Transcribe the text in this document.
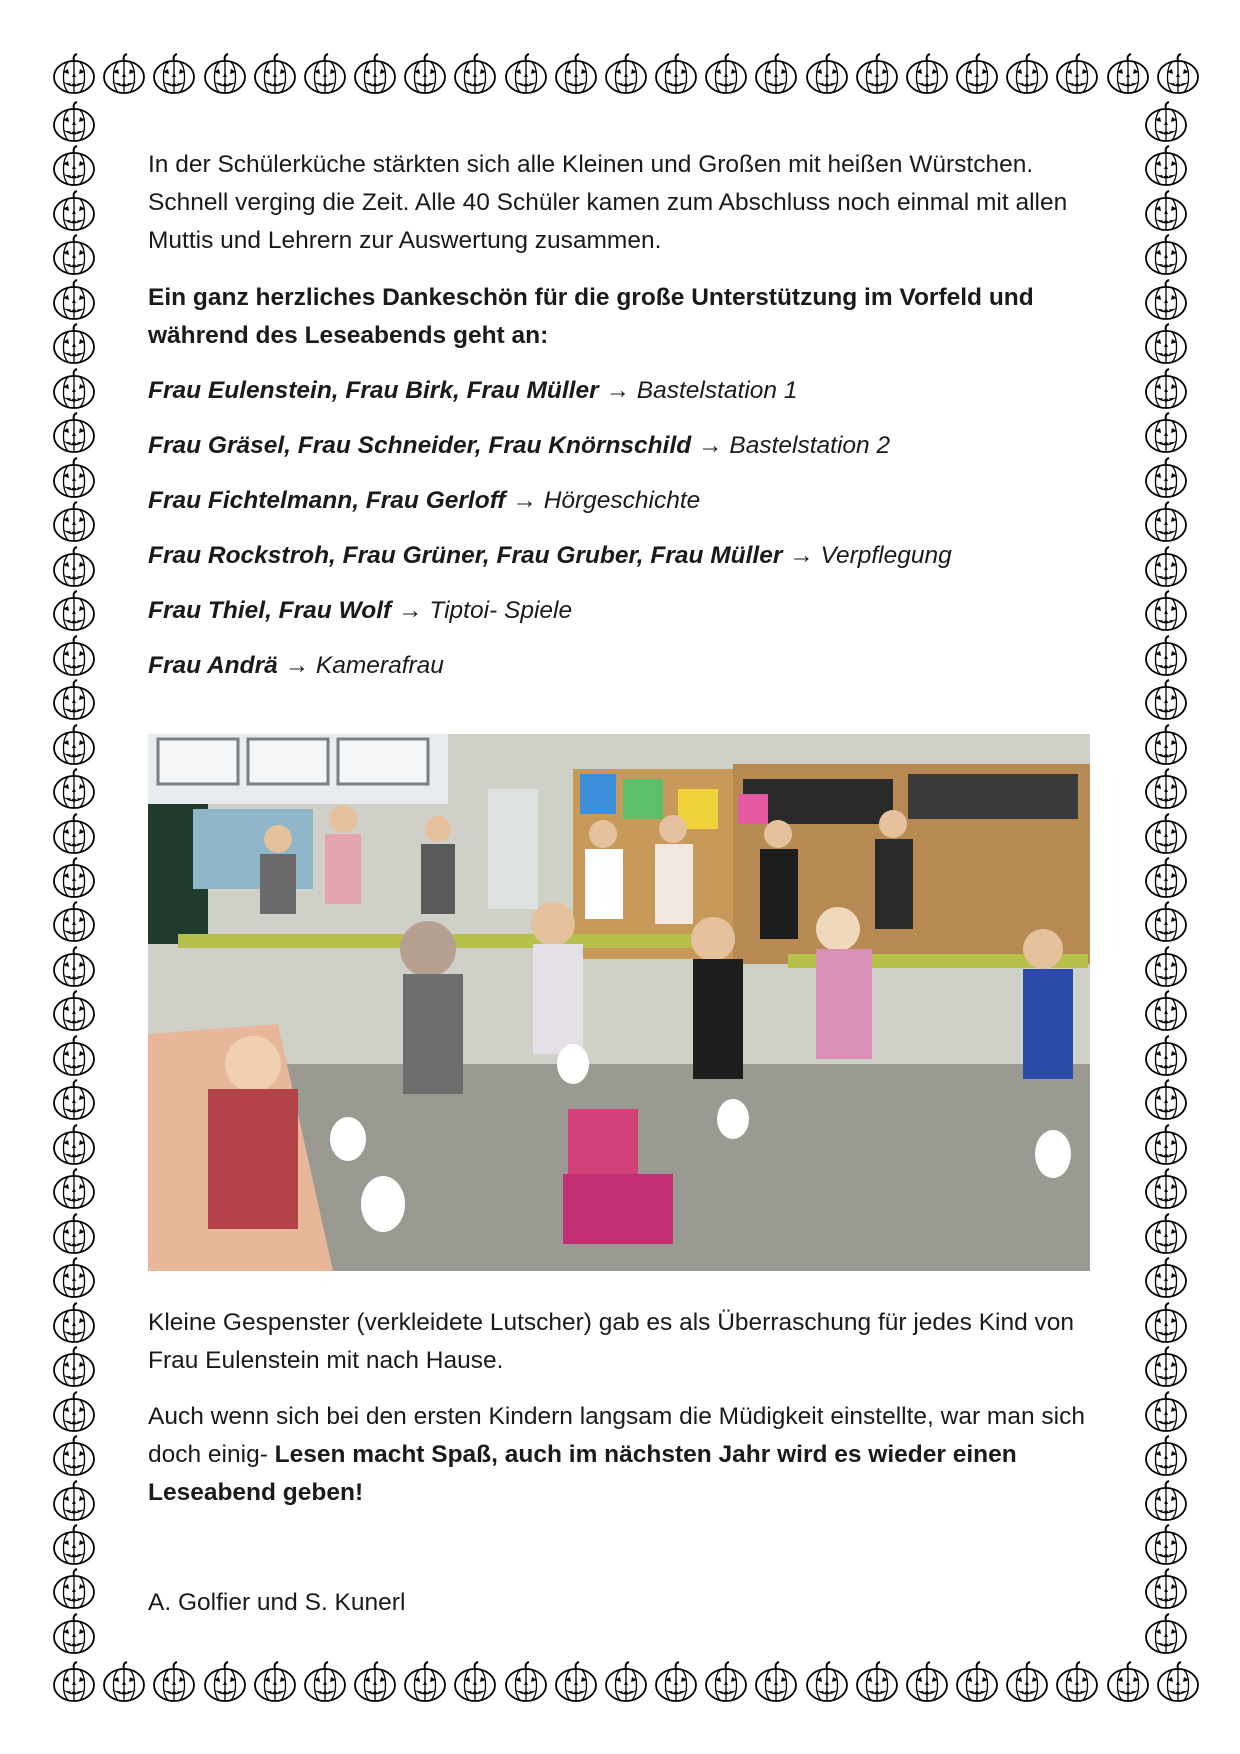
In der Schülerküche stärkten sich alle Kleinen und Großen mit heißen Würstchen. Schnell verging die Zeit. Alle 40 Schüler kamen zum Abschluss noch einmal mit allen Muttis und Lehrern zur Auswertung zusammen.

Ein ganz herzliches Dankeschön für die große Unterstützung im Vorfeld und während des Leseabends geht an:

Frau Eulenstein, Frau Birk, Frau Müller → Bastelstation 1

Frau Gräsel, Frau Schneider, Frau Knörnschild → Bastelstation 2

Frau Fichtelmann, Frau Gerloff → Hörgeschichte

Frau Rockstroh, Frau Grüner, Frau Gruber, Frau Müller → Verpflegung

Frau Thiel, Frau Wolf → Tiptoi- Spiele

Frau Andrä → Kamerafrau

Kleine Gespenster (verkleidete Lutscher) gab es als Überraschung für jedes Kind von Frau Eulenstein mit nach Hause.

Auch wenn sich bei den ersten Kindern langsam die Müdigkeit einstellte, war man sich doch einig- Lesen macht Spaß, auch im nächsten Jahr wird es wieder einen Leseabend geben!

A. Golfier und S. Kunerl
